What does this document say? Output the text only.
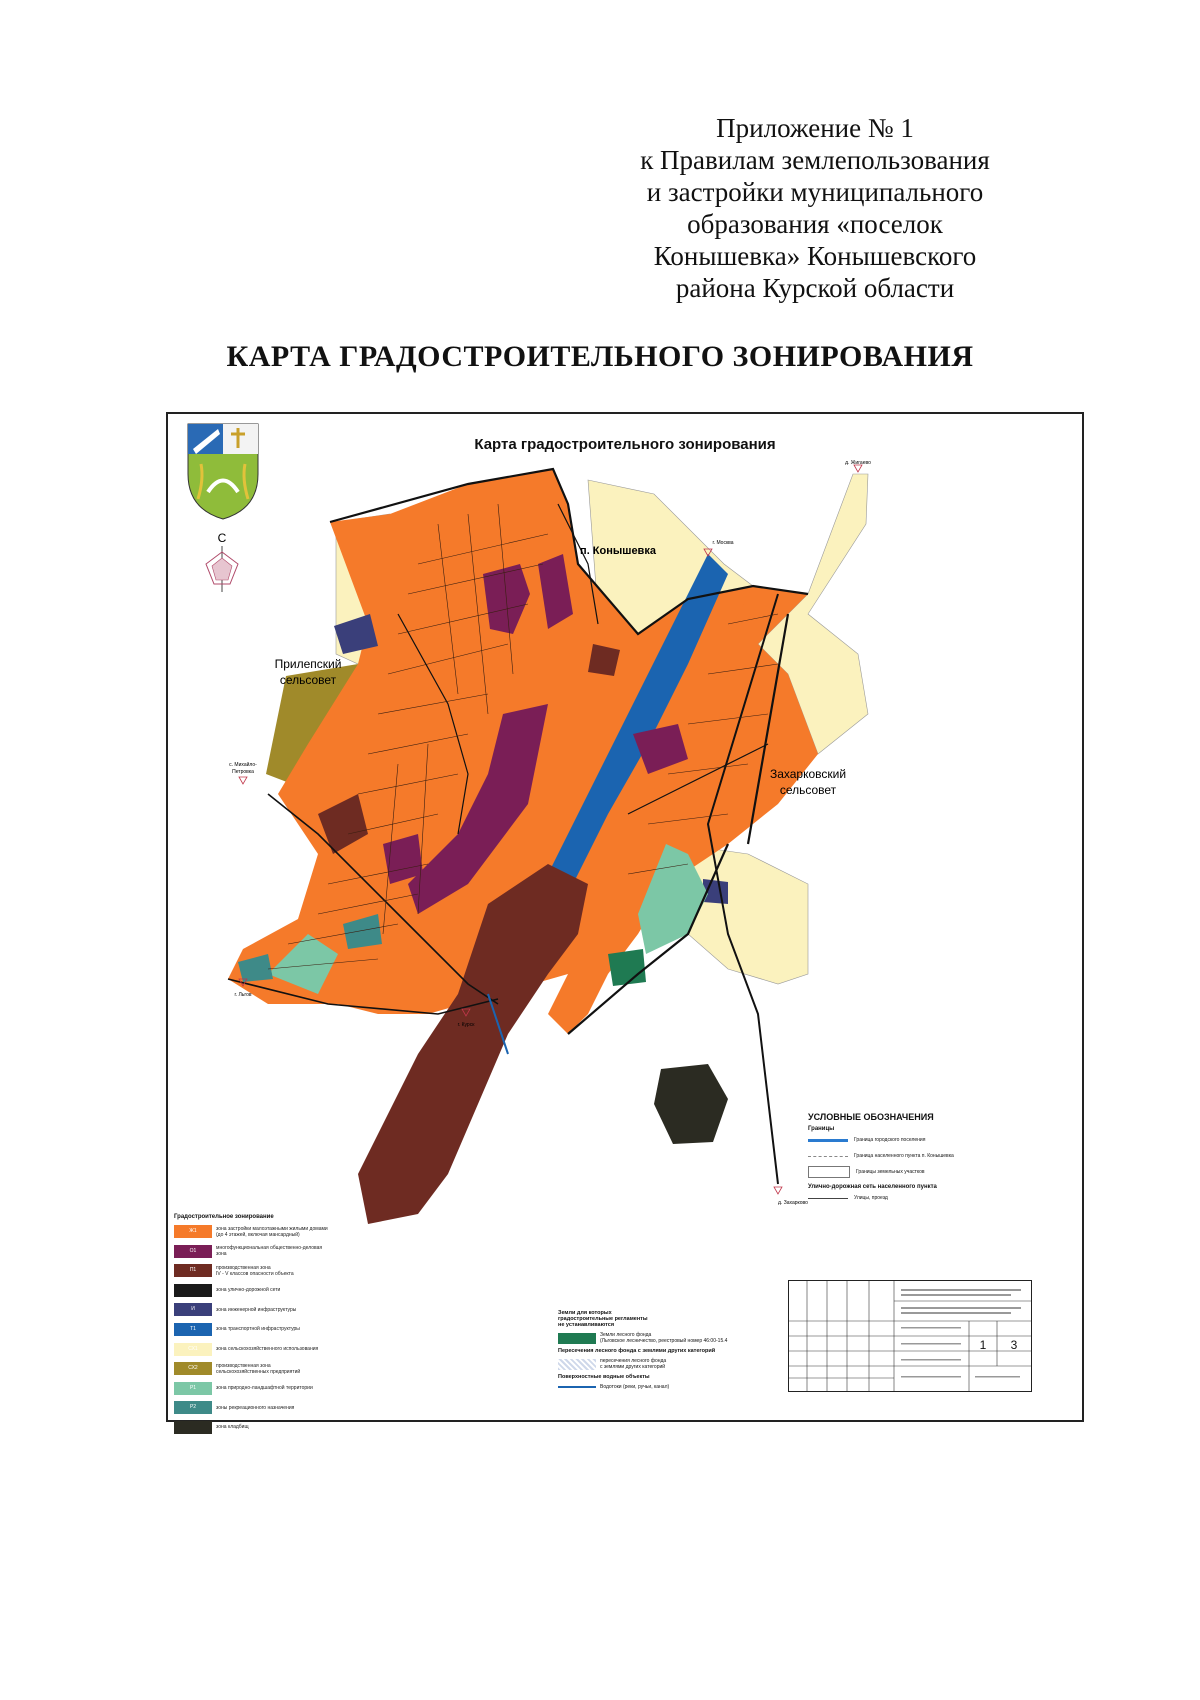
Приложение № 1
к Правилам землепользования
и застройки муниципального
образования «поселок
Конышевка» Конышевского
района Курской области
КАРТА ГРАДОСТРОИТЕЛЬНОГО ЗОНИРОВАНИЯ
Карта градостроительного зонирования
С
п. Конышевка
Прилепский
сельсовет
Захарковский
сельсовет
д. Жигаево
г. Москва
с. Михайло-
Петровка
г. Льгов
г. Курск
д. Захарково
Градостроительное зонирование
Ж1	зона застройки малоэтажными жилыми домами
(до 4 этажей, включая мансардный)
О1	многофункциональная общественно-деловая
зона
П1	производственная зона
IV - V классов опасности объекта
зона улично-дорожной сети
И	зона инженерной инфраструктуры
Т1	зона транспортной инфраструктуры
СХ1	зона сельскохозяйственного использования
СХ2	производственная зона
сельскохозяйственных предприятий
Р1	зона природно-ландшафтной территории
Р2	зоны рекреационного назначения
зона кладбищ
Земли для которых
градостроительные регламенты
не устанавливаются
Земли лесного фонда
(Льговское лесничество, реестровый номер 46:00-15.4
Пересечения лесного фонда с землями других категорий
пересечения лесного фонда
с землями других категорий
Поверхностные водные объекты
Водотоки (реки, ручьи, канал)
УСЛОВНЫЕ ОБОЗНАЧЕНИЯ
Границы
Граница городского поселения
Граница населенного пункта п. Конышевка
Границы земельных участков
Улично-дорожная сеть населенного пункта
Улицы, проезд
1	3
